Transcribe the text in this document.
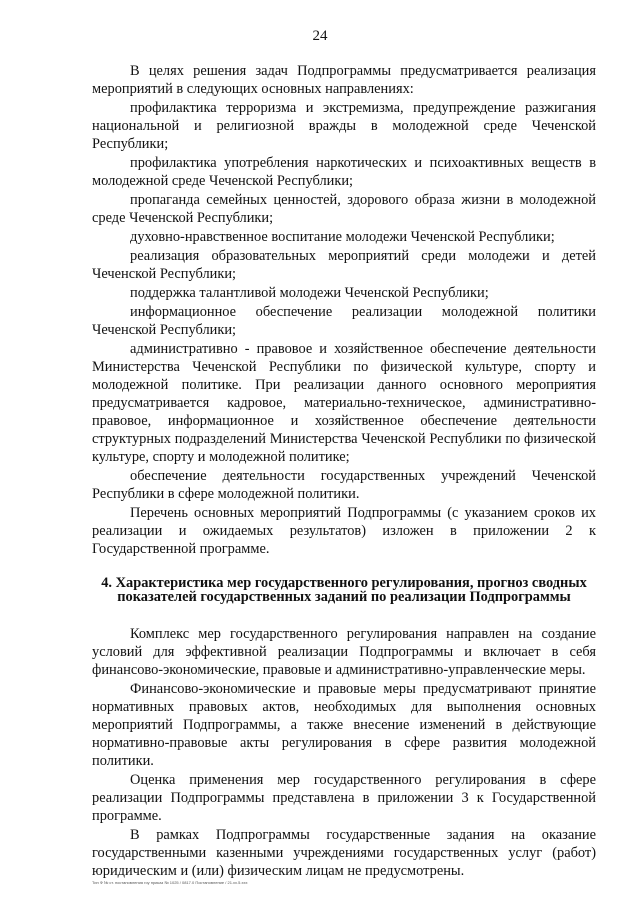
24

В целях решения задач Подпрограммы предусматривается реализация мероприятий в следующих основных направлениях:

профилактика терроризма и экстремизма, предупреждение разжигания национальной и религиозной вражды в молодежной среде Чеченской Республики;

профилактика употребления наркотических и психоактивных веществ в молодежной среде Чеченской Республики;

пропаганда семейных ценностей, здорового образа жизни в молодежной среде Чеченской Республики;

духовно-нравственное воспитание молодежи Чеченской Республики;

реализация образовательных мероприятий среди молодежи и детей Чеченской Республики;

поддержка талантливой молодежи Чеченской Республики;

информационное обеспечение реализации молодежной политики Чеченской Республики;

административно - правовое и хозяйственное обеспечение деятельности Министерства Чеченской Республики по физической культуре, спорту и молодежной политике. При реализации данного основного мероприятия предусматривается кадровое, материально-техническое, административно-правовое, информационное и хозяйственное обеспечение деятельности структурных подразделений Министерства Чеченской Республики по физической культуре, спорту и молодежной политике;

обеспечение деятельности государственных учреждений Чеченской Республики в сфере молодежной политики.

Перечень основных мероприятий Подпрограммы (с указанием сроков их реализации и ожидаемых результатов) изложен в приложении 2 к Государственной программе.

4. Характеристика мер государственного регулирования, прогноз сводных показателей государственных заданий по реализации Подпрограммы

Комплекс мер государственного регулирования направлен на создание условий для эффективной реализации Подпрограммы и включает в себя финансово-экономические, правовые и административно-управленческие меры.

Финансово-экономические и правовые меры предусматривают принятие нормативных правовых актов, необходимых для выполнения основных мероприятий Подпрограммы, а также внесение изменений в действующие нормативно-правовые акты регулирования в сфере развития молодежной политики.

Оценка применения мер государственного регулирования в сфере реализации Подпрограммы представлена в приложении 3 к Государственной программе.

В рамках Подпрограммы государственные задания на оказание государственными казенными учреждениями государственных услуг (работ) юридическим и (или) физическим лицам не предусмотрены.

Тип Ф № ст. постановления гоу приказ № 1025 / 0817.0 Постановление / 21.xx.5.xxx
